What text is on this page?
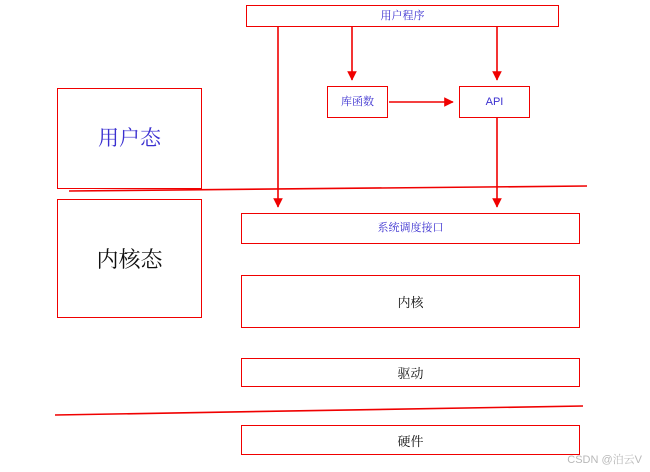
用户程序
库函数	API
系统调度接口
内核
驱动
硬件
用户态
内核态
CSDN @泊云V
